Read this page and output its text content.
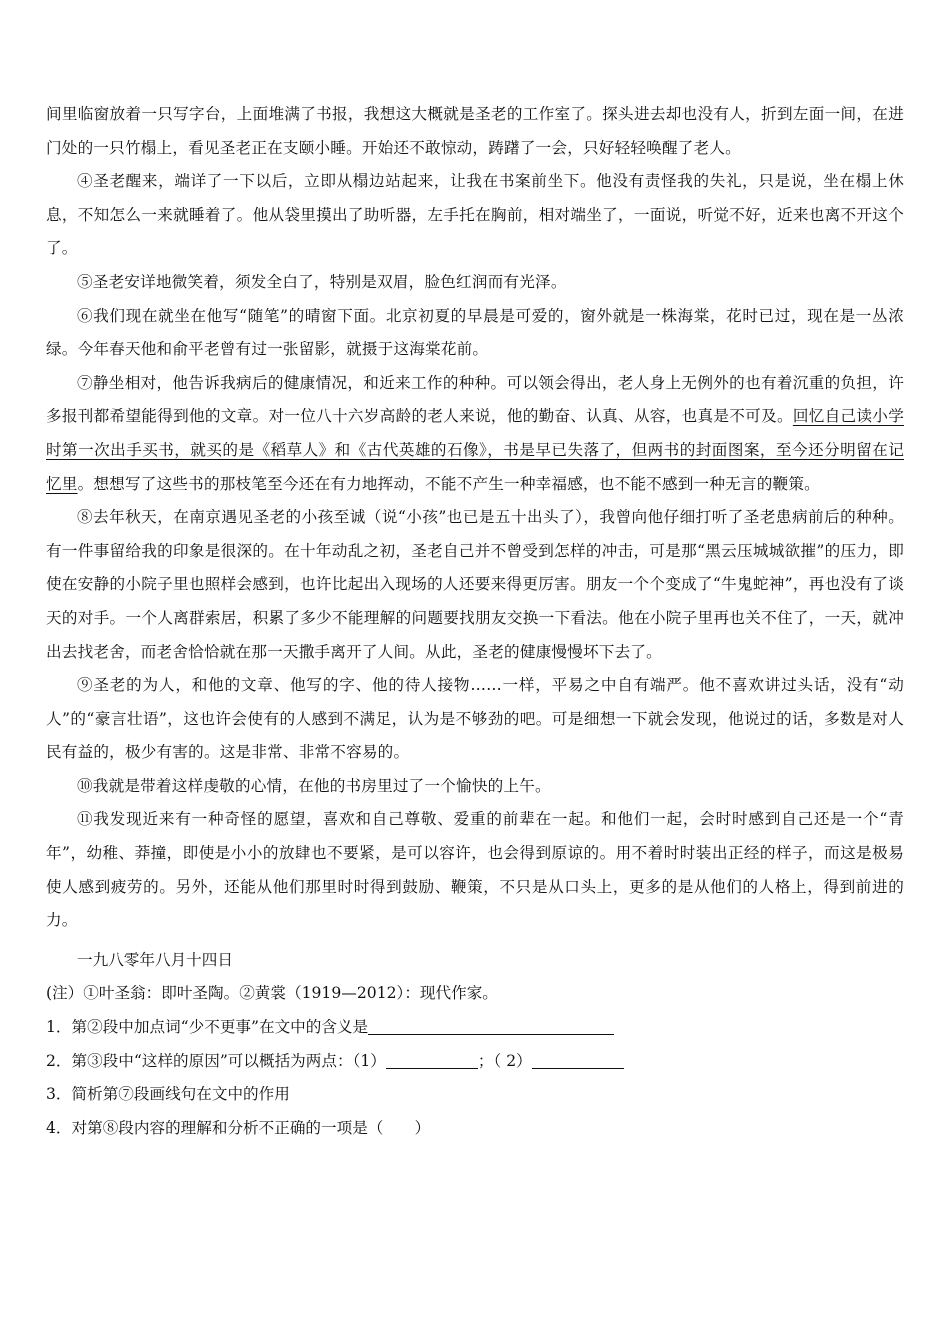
间里临窗放着一只写字台，上面堆满了书报，我想这大概就是圣老的工作室了。探头进去却也没有人，折到左面一间，在进门处的一只竹榻上，看见圣老正在支颐小睡。开始还不敢惊动，踌躇了一会，只好轻轻唤醒了老人。

④圣老醒来，端详了一下以后，立即从榻边站起来，让我在书案前坐下。他没有责怪我的失礼，只是说，坐在榻上休息，不知怎么一来就睡着了。他从袋里摸出了助听器，左手托在胸前，相对端坐了，一面说，听觉不好，近来也离不开这个了。

⑤圣老安详地微笑着，须发全白了，特别是双眉，脸色红润而有光泽。

⑥我们现在就坐在他写“随笔”的晴窗下面。北京初夏的早晨是可爱的，窗外就是一株海棠，花时已过，现在是一丛浓绿。今年春天他和俞平老曾有过一张留影，就摄于这海棠花前。

⑦静坐相对，他告诉我病后的健康情况，和近来工作的种种。可以领会得出，老人身上无例外的也有着沉重的负担，许多报刊都希望能得到他的文章。对一位八十六岁高龄的老人来说，他的勤奋、认真、从容，也真是不可及。回忆自己读小学时第一次出手买书，就买的是《稻草人》和《古代英雄的石像》，书是早已失落了，但两书的封面图案，至今还分明留在记忆里。想想写了这些书的那枝笔至今还在有力地挥动，不能不产生一种幸福感，也不能不感到一种无言的鞭策。

⑧去年秋天，在南京遇见圣老的小孩至诚（说“小孩”也已是五十出头了），我曾向他仔细打听了圣老患病前后的种种。有一件事留给我的印象是很深的。在十年动乱之初，圣老自己并不曾受到怎样的冲击，可是那“黑云压城城欲摧”的压力，即使在安静的小院子里也照样会感到，也许比起出入现场的人还要来得更厉害。朋友一个个变成了“牛鬼蛇神”，再也没有了谈天的对手。一个人离群索居，积累了多少不能理解的问题要找朋友交换一下看法。他在小院子里再也关不住了，一天，就冲出去找老舍，而老舍恰恰就在那一天撒手离开了人间。从此，圣老的健康慢慢坏下去了。

⑨圣老的为人，和他的文章、他写的字、他的待人接物……一样，平易之中自有端严。他不喜欢讲过头话，没有“动人”的“豪言壮语”，这也许会使有的人感到不满足，认为是不够劲的吧。可是细想一下就会发现，他说过的话，多数是对人民有益的，极少有害的。这是非常、非常不容易的。

⑩我就是带着这样虔敬的心情，在他的书房里过了一个愉快的上午。

⑪我发现近来有一种奇怪的愿望，喜欢和自己尊敬、爱重的前辈在一起。和他们一起，会时时感到自己还是一个“青年”，幼稚、莽撞，即使是小小的放肆也不要紧，是可以容许，也会得到原谅的。用不着时时装出正经的样子，而这是极易使人感到疲劳的。另外，还能从他们那里时时得到鼓励、鞭策，不只是从口头上，更多的是从他们的人格上，得到前进的力。

一九八零年八月十四日

(注）①叶圣翁：即叶圣陶。②黄裳（1919—2012）：现代作家。

1．第②段中加点词“少不更事”在文中的含义是

2．第③段中“这样的原因”可以概括为两点：（1）	；（ 2）

3．简析第⑦段画线句在文中的作用

4．对第⑧段内容的理解和分析不正确的一项是（　　）
